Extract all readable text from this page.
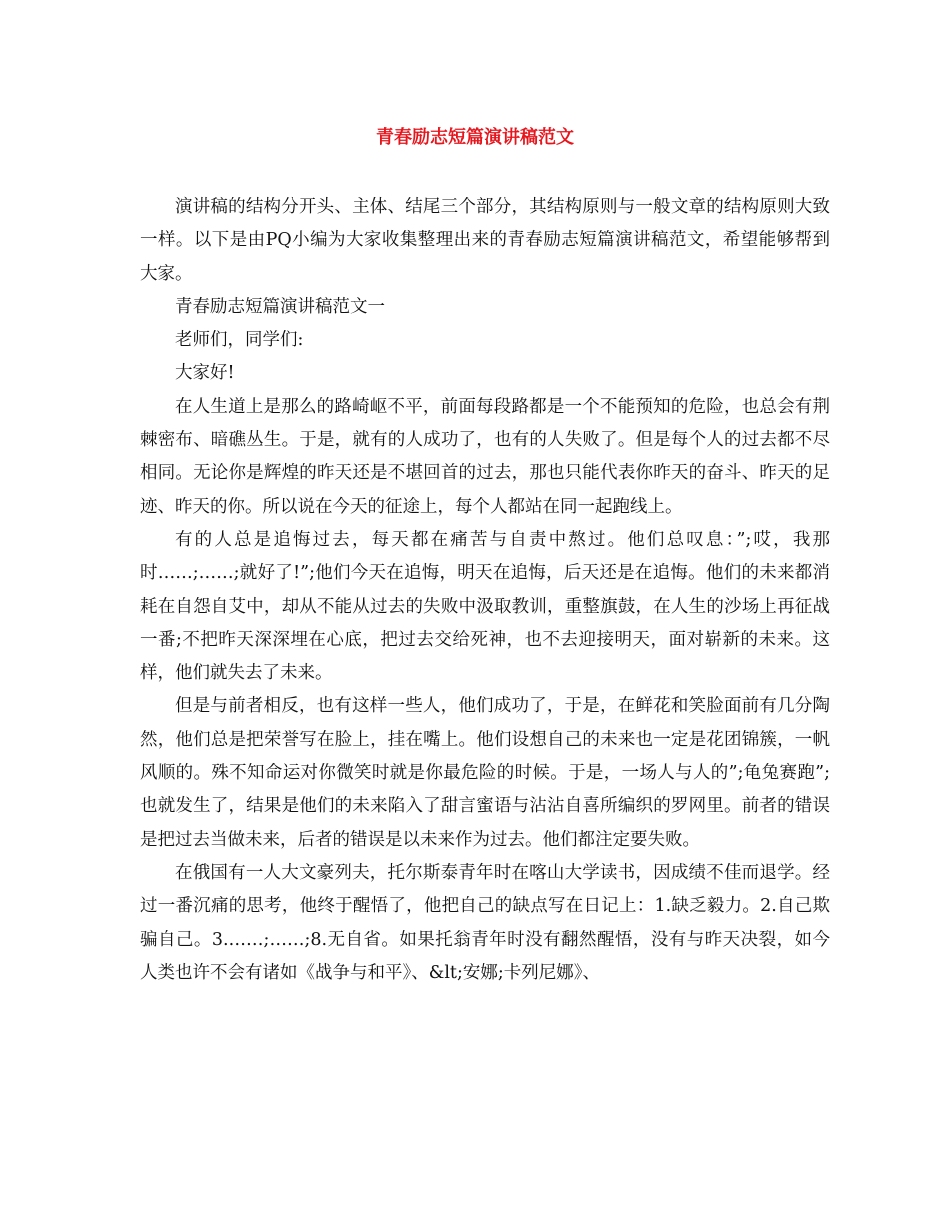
青春励志短篇演讲稿范文

演讲稿的结构分开头、主体、结尾三个部分，其结构原则与一般文章的结构原则大致一样。以下是由PQ小编为大家收集整理出来的青春励志短篇演讲稿范文，希望能够帮到大家。

青春励志短篇演讲稿范文一

老师们，同学们:

大家好!

在人生道上是那么的路崎岖不平，前面每段路都是一个不能预知的危险，也总会有荆棘密布、暗礁丛生。于是，就有的人成功了，也有的人失败了。但是每个人的过去都不尽相同。无论你是辉煌的昨天还是不堪回首的过去，那也只能代表你昨天的奋斗、昨天的足迹、昨天的你。所以说在今天的征途上，每个人都站在同一起跑线上。

有的人总是追悔过去，每天都在痛苦与自责中熬过。他们总叹息：”;哎，我那时……;……;就好了!”;他们今天在追悔，明天在追悔，后天还是在追悔。他们的未来都消耗在自怨自艾中，却从不能从过去的失败中汲取教训，重整旗鼓，在人生的沙场上再征战一番;不把昨天深深埋在心底，把过去交给死神，也不去迎接明天，面对崭新的未来。这样，他们就失去了未来。

但是与前者相反，也有这样一些人，他们成功了，于是，在鲜花和笑脸面前有几分陶然，他们总是把荣誉写在脸上，挂在嘴上。他们设想自己的未来也一定是花团锦簇，一帆风顺的。殊不知命运对你微笑时就是你最危险的时候。于是，一场人与人的”;龟兔赛跑”;也就发生了，结果是他们的未来陷入了甜言蜜语与沾沾自喜所编织的罗网里。前者的错误是把过去当做未来，后者的错误是以未来作为过去。他们都注定要失败。

在俄国有一人大文豪列夫，托尔斯泰青年时在喀山大学读书，因成绩不佳而退学。经过一番沉痛的思考，他终于醒悟了，他把自己的缺点写在日记上：1.缺乏毅力。2.自己欺骗自己。3.……;……;8.无自省。如果托翁青年时没有翻然醒悟，没有与昨天决裂，如今人类也许不会有诸如《战争与和平》、&lt;安娜;卡列尼娜》、
